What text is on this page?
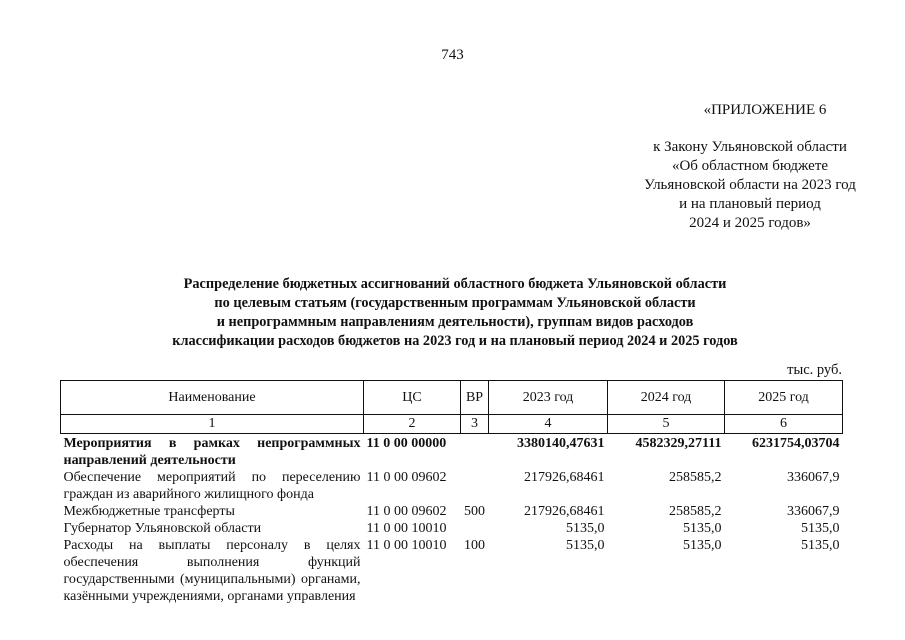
743
«ПРИЛОЖЕНИЕ 6
к Закону Ульяновской области
«Об областном бюджете
Ульяновской области на 2023 год
и на плановый период
2024 и 2025 годов»
Распределение бюджетных ассигнований областного бюджета Ульяновской области
по целевым статьям (государственным программам Ульяновской области
и непрограммным направлениям деятельности), группам видов расходов
классификации расходов бюджетов на 2023 год и на плановый период 2024 и 2025 годов
тыс. руб.
Наименование	ЦС	ВР	2023 год	2024 год	2025 год
1	2	3	4	5	6
Мероприятия в рамках непрограммных направлений деятельности	11 0 00 00000		3380140,47631	4582329,27111	6231754,03704
Обеспечение мероприятий по переселению граждан из аварийного жилищного фонда	11 0 00 09602		217926,68461	258585,2	336067,9
Межбюджетные трансферты	11 0 00 09602	500	217926,68461	258585,2	336067,9
Губернатор Ульяновской области	11 0 00 10010		5135,0	5135,0	5135,0
Расходы на выплаты персоналу в целях обеспечения выполнения функций государственными (муниципальными) органами, казёнными учреждениями, органами управления	11 0 00 10010	100	5135,0	5135,0	5135,0
